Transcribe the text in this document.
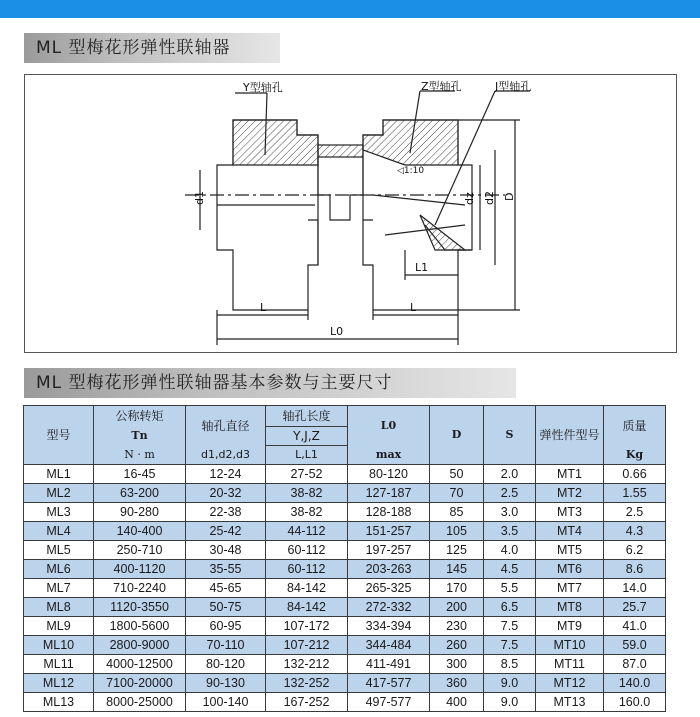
ML 型梅花形弹性联轴器
Y型轴孔	Z型轴孔	J型轴孔
◁1:10
d1	dz d2 D
L	L
L1
L0
ML 型梅花形弹性联轴器基本参数与主要尺寸
型号	公称转矩	轴孔直径	轴孔长度	L0	D	S	弹性件型号	质量
	Tn		Y,J,Z					
	N · m	d1,d2,d3	L,L1	max				Kg
ML1	16-45	12-24	27-52	80-120	50	2.0	MT1	0.66
ML2	63-200	20-32	38-82	127-187	70	2.5	MT2	1.55
ML3	90-280	22-38	38-82	128-188	85	3.0	MT3	2.5
ML4	140-400	25-42	44-112	151-257	105	3.5	MT4	4.3
ML5	250-710	30-48	60-112	197-257	125	4.0	MT5	6.2
ML6	400-1120	35-55	60-112	203-263	145	4.5	MT6	8.6
ML7	710-2240	45-65	84-142	265-325	170	5.5	MT7	14.0
ML8	1120-3550	50-75	84-142	272-332	200	6.5	MT8	25.7
ML9	1800-5600	60-95	107-172	334-394	230	7.5	MT9	41.0
ML10	2800-9000	70-110	107-212	344-484	260	7.5	MT10	59.0
ML11	4000-12500	80-120	132-212	411-491	300	8.5	MT11	87.0
ML12	7100-20000	90-130	132-252	417-577	360	9.0	MT12	140.0
ML13	8000-25000	100-140	167-252	497-577	400	9.0	MT13	160.0
